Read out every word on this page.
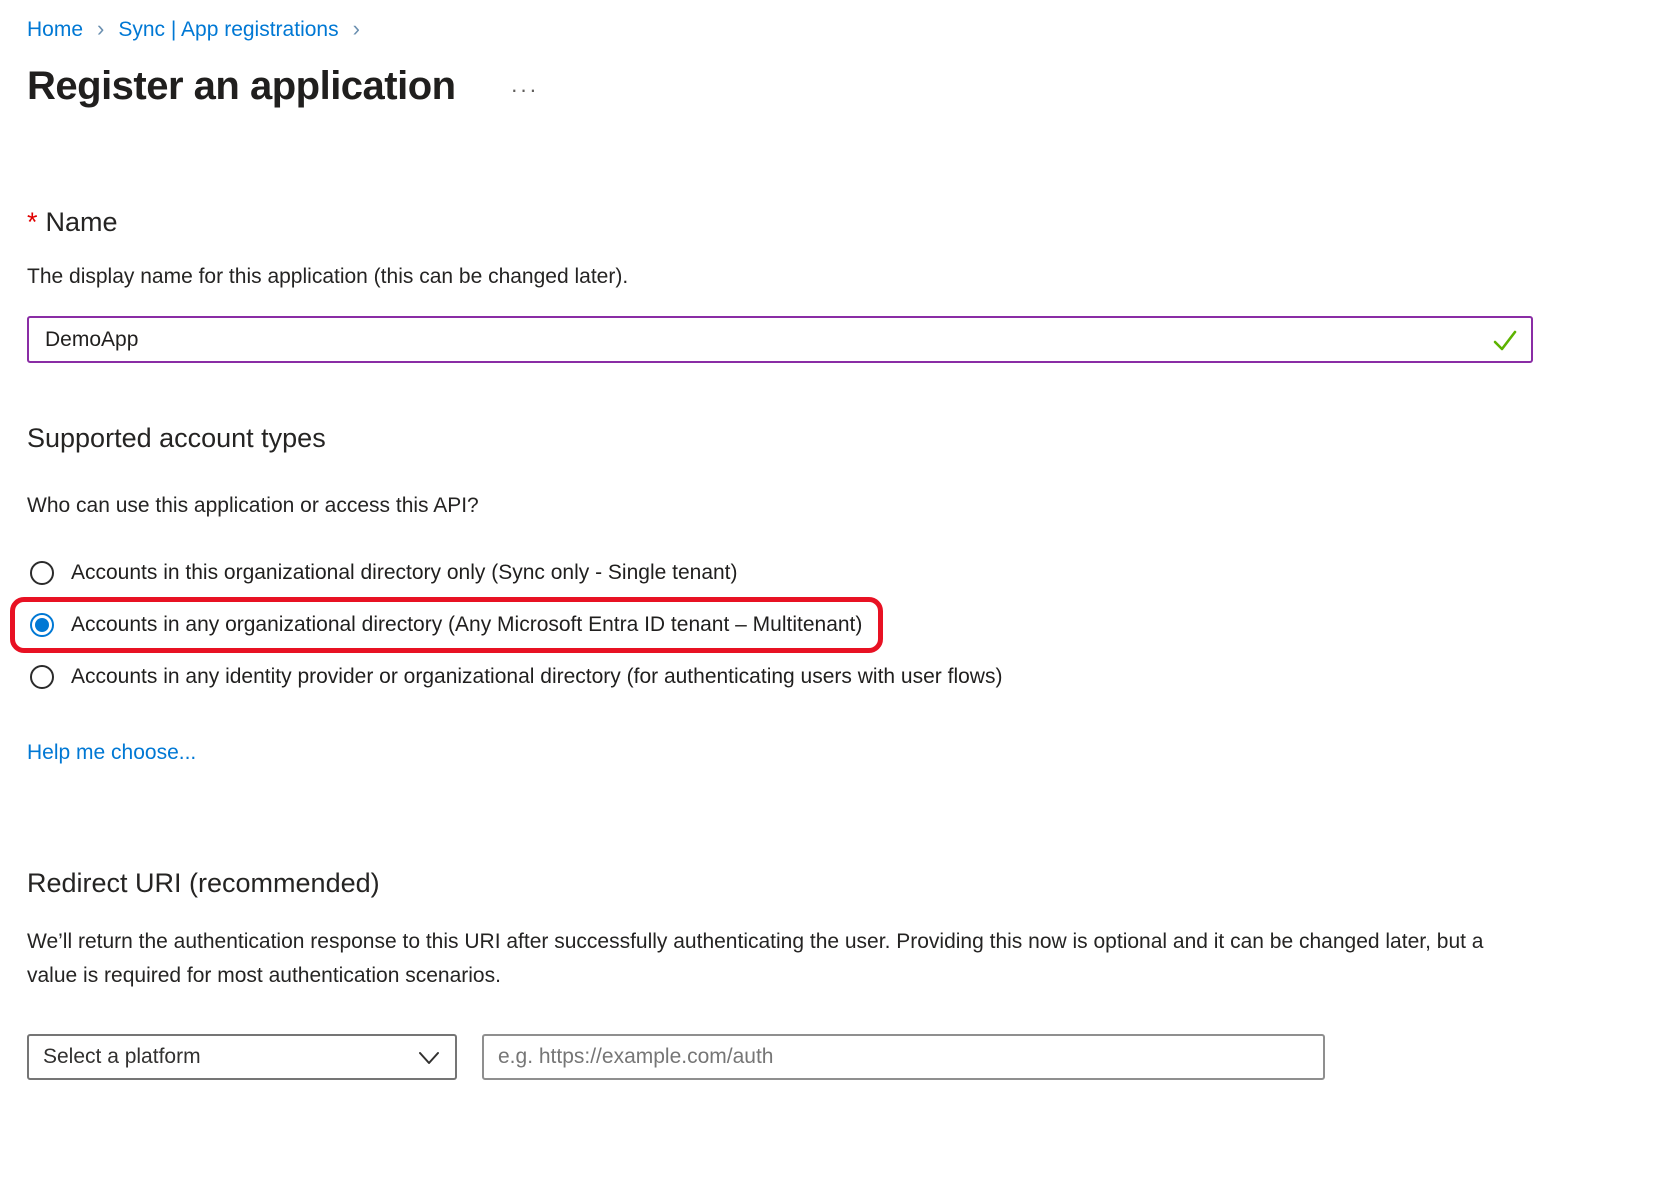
Home › Sync | App registrations ›
Register an application	···
* Name
The display name for this application (this can be changed later).
DemoApp
Supported account types
Who can use this application or access this API?
Accounts in this organizational directory only (Sync only - Single tenant)
Accounts in any organizational directory (Any Microsoft Entra ID tenant – Multitenant)
Accounts in any identity provider or organizational directory (for authenticating users with user flows)
Help me choose...
Redirect URI (recommended)
We’ll return the authentication response to this URI after successfully authenticating the user. Providing this now is optional and it can be changed later, but a value is required for most authentication scenarios.
Select a platform
e.g. https://example.com/auth
